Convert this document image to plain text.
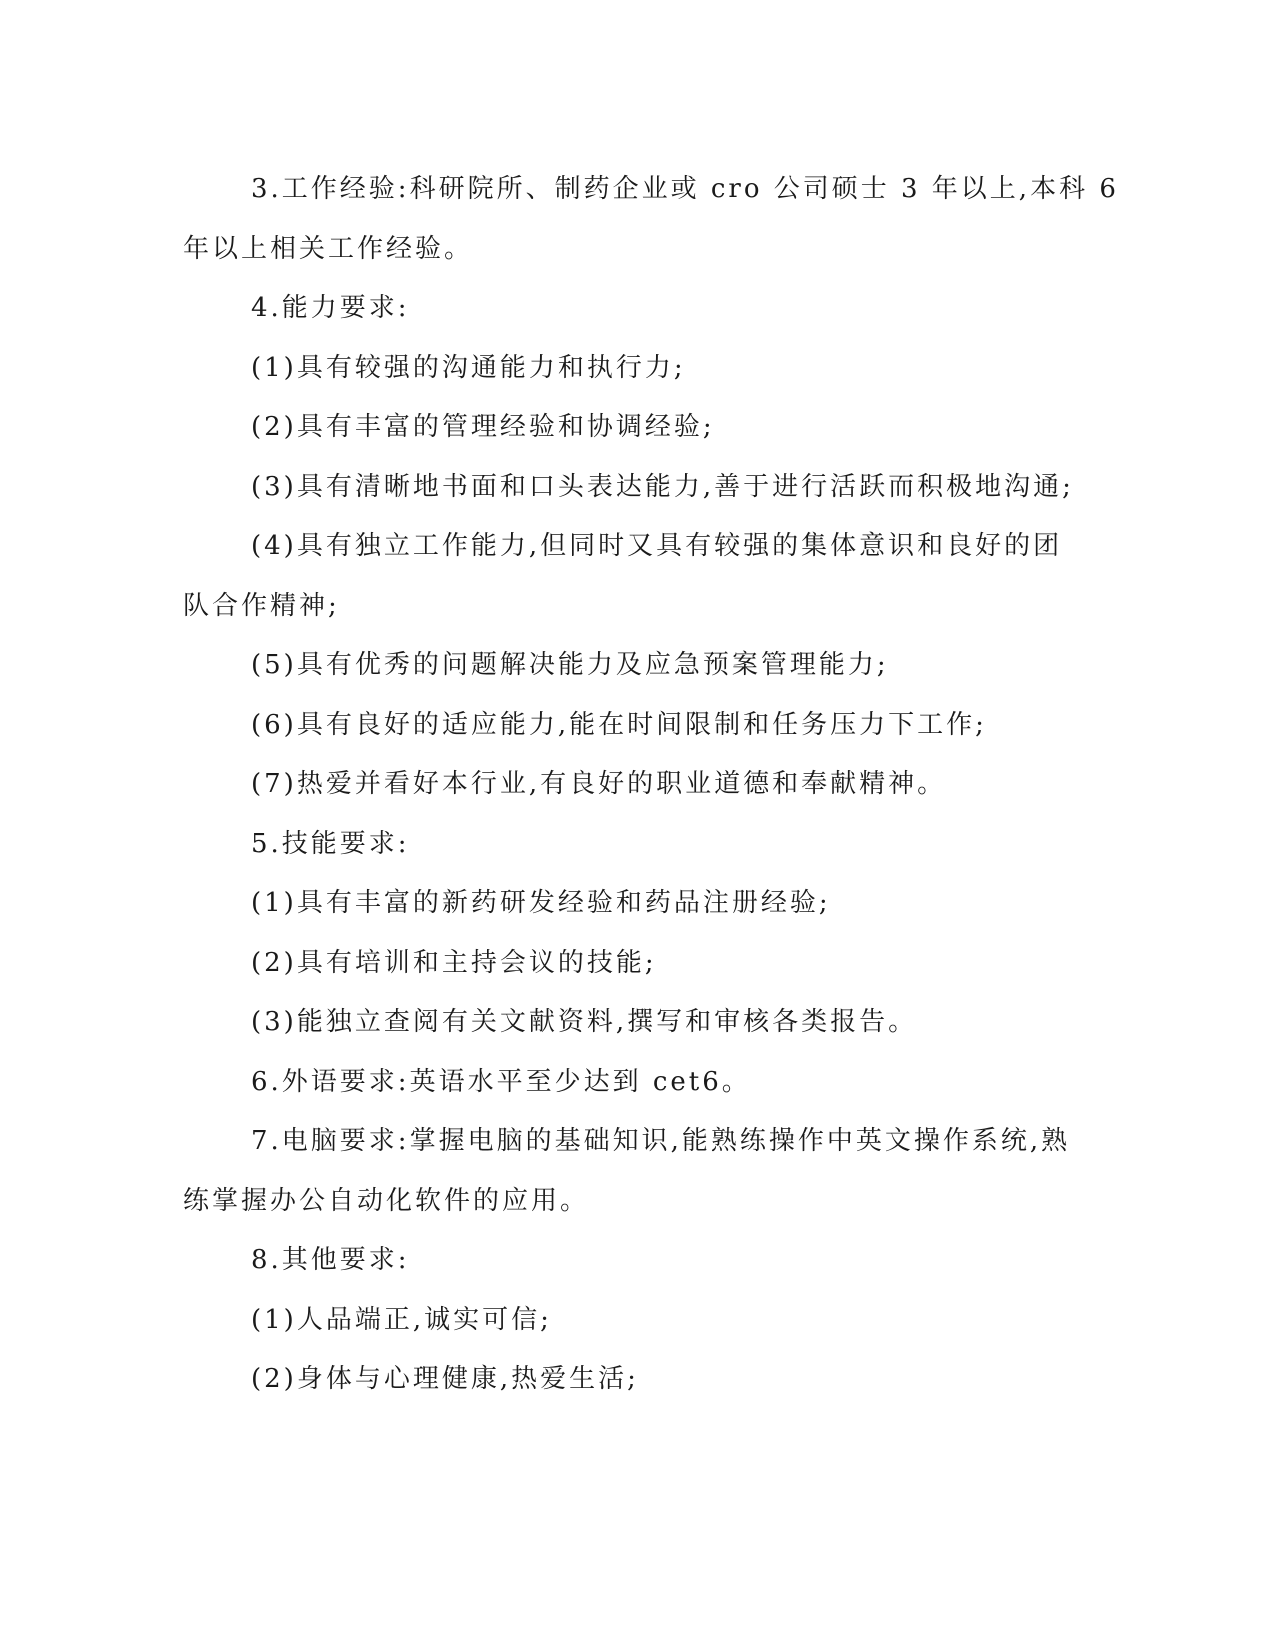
3.工作经验:科研院所、制药企业或 cro 公司硕士 3 年以上,本科 6
年以上相关工作经验。

4.能力要求:

(1)具有较强的沟通能力和执行力;

(2)具有丰富的管理经验和协调经验;

(3)具有清晰地书面和口头表达能力,善于进行活跃而积极地沟通;

(4)具有独立工作能力,但同时又具有较强的集体意识和良好的团
队合作精神;

(5)具有优秀的问题解决能力及应急预案管理能力;

(6)具有良好的适应能力,能在时间限制和任务压力下工作;

(7)热爱并看好本行业,有良好的职业道德和奉献精神。

5.技能要求:

(1)具有丰富的新药研发经验和药品注册经验;

(2)具有培训和主持会议的技能;

(3)能独立查阅有关文献资料,撰写和审核各类报告。

6.外语要求:英语水平至少达到 cet6。

7.电脑要求:掌握电脑的基础知识,能熟练操作中英文操作系统,熟
练掌握办公自动化软件的应用。

8.其他要求:

(1)人品端正,诚实可信;

(2)身体与心理健康,热爱生活;
